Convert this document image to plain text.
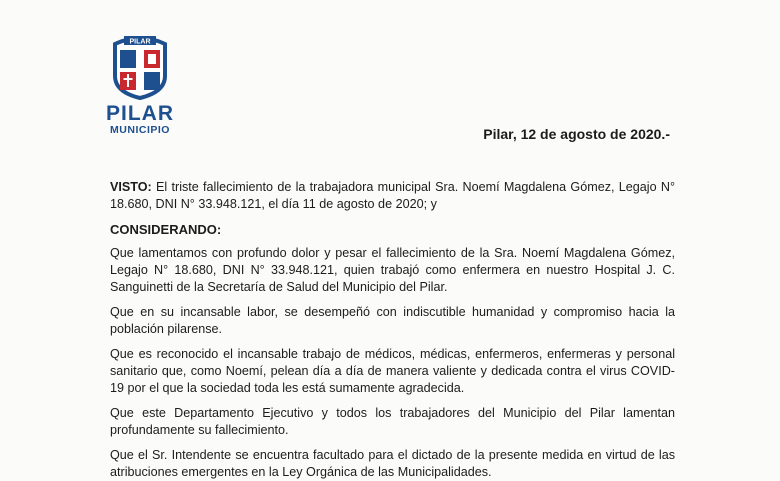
PILAR
PILAR
MUNICIPIO	Pilar, 12 de agosto de 2020.-

VISTO: El triste fallecimiento de la trabajadora municipal Sra. Noemí Magdalena Gómez, Legajo N° 18.680, DNI N° 33.948.121, el día 11 de agosto de 2020; y

CONSIDERANDO:

Que lamentamos con profundo dolor y pesar el fallecimiento de la Sra. Noemí Magdalena Gómez, Legajo N° 18.680, DNI N° 33.948.121, quien trabajó como enfermera en nuestro Hospital J. C. Sanguinetti de la Secretaría de Salud del Municipio del Pilar.

Que en su incansable labor, se desempeñó con indiscutible humanidad y compromiso hacia la población pilarense.

Que es reconocido el incansable trabajo de médicos, médicas, enfermeros, enfermeras y personal sanitario que, como Noemí, pelean día a día de manera valiente y dedicada contra el virus COVID-19 por el que la sociedad toda les está sumamente agradecida.

Que este Departamento Ejecutivo y todos los trabajadores del Municipio del Pilar lamentan profundamente su fallecimiento.

Que el Sr. Intendente se encuentra facultado para el dictado de la presente medida en virtud de las atribuciones emergentes en la Ley Orgánica de las Municipalidades.
